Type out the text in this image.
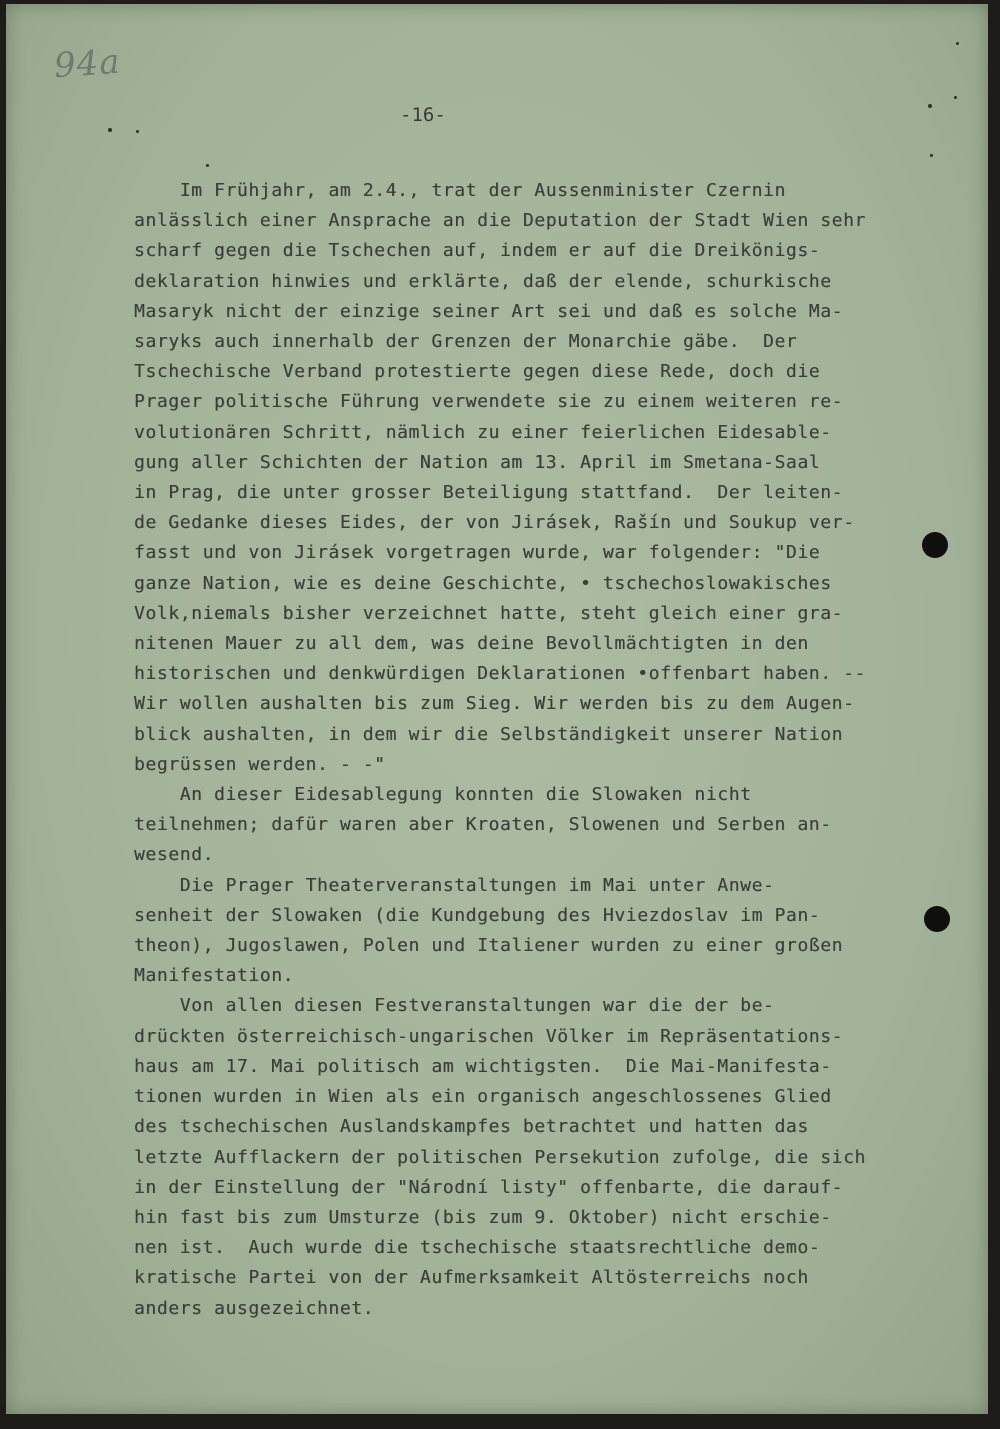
94a
-16-
Im Frühjahr, am 2.4., trat der Aussenminister Czernin
anlässlich einer Ansprache an die Deputation der Stadt Wien sehr
scharf gegen die Tschechen auf, indem er auf die Dreikönigs-
deklaration hinwies und erklärte, daß der elende, schurkische
Masaryk nicht der einzige seiner Art sei und daß es solche Ma-
saryks auch innerhalb der Grenzen der Monarchie gäbe.  Der
Tschechische Verband protestierte gegen diese Rede, doch die
Prager politische Führung verwendete sie zu einem weiteren re-
volutionären Schritt, nämlich zu einer feierlichen Eidesable-
gung aller Schichten der Nation am 13. April im Smetana-Saal
in Prag, die unter grosser Beteiligung stattfand.  Der leiten-
de Gedanke dieses Eides, der von Jirásek, Rašín und Soukup ver-
fasst und von Jirásek vorgetragen wurde, war folgender: "Die
ganze Nation, wie es deine Geschichte, • tschechoslowakisches
Volk,niemals bisher verzeichnet hatte, steht gleich einer gra-
nitenen Mauer zu all dem, was deine Bevollmächtigten in den
historischen und denkwürdigen Deklarationen •offenbart haben. --
Wir wollen aushalten bis zum Sieg. Wir werden bis zu dem Augen-
blick aushalten, in dem wir die Selbständigkeit unserer Nation
begrüssen werden. - -"
An dieser Eidesablegung konnten die Slowaken nicht
teilnehmen; dafür waren aber Kroaten, Slowenen und Serben an-
wesend.
Die Prager Theaterveranstaltungen im Mai unter Anwe-
senheit der Slowaken (die Kundgebung des Hviezdoslav im Pan-
theon), Jugoslawen, Polen und Italiener wurden zu einer großen
Manifestation.
Von allen diesen Festveranstaltungen war die der be-
drückten österreichisch-ungarischen Völker im Repräsentations-
haus am 17. Mai politisch am wichtigsten.  Die Mai-Manifesta-
tionen wurden in Wien als ein organisch angeschlossenes Glied
des tschechischen Auslandskampfes betrachtet und hatten das
letzte Aufflackern der politischen Persekution zufolge, die sich
in der Einstellung der "Národní listy" offenbarte, die darauf-
hin fast bis zum Umsturze (bis zum 9. Oktober) nicht erschie-
nen ist.  Auch wurde die tschechische staatsrechtliche demo-
kratische Partei von der Aufmerksamkeit Altösterreichs noch
anders ausgezeichnet.
